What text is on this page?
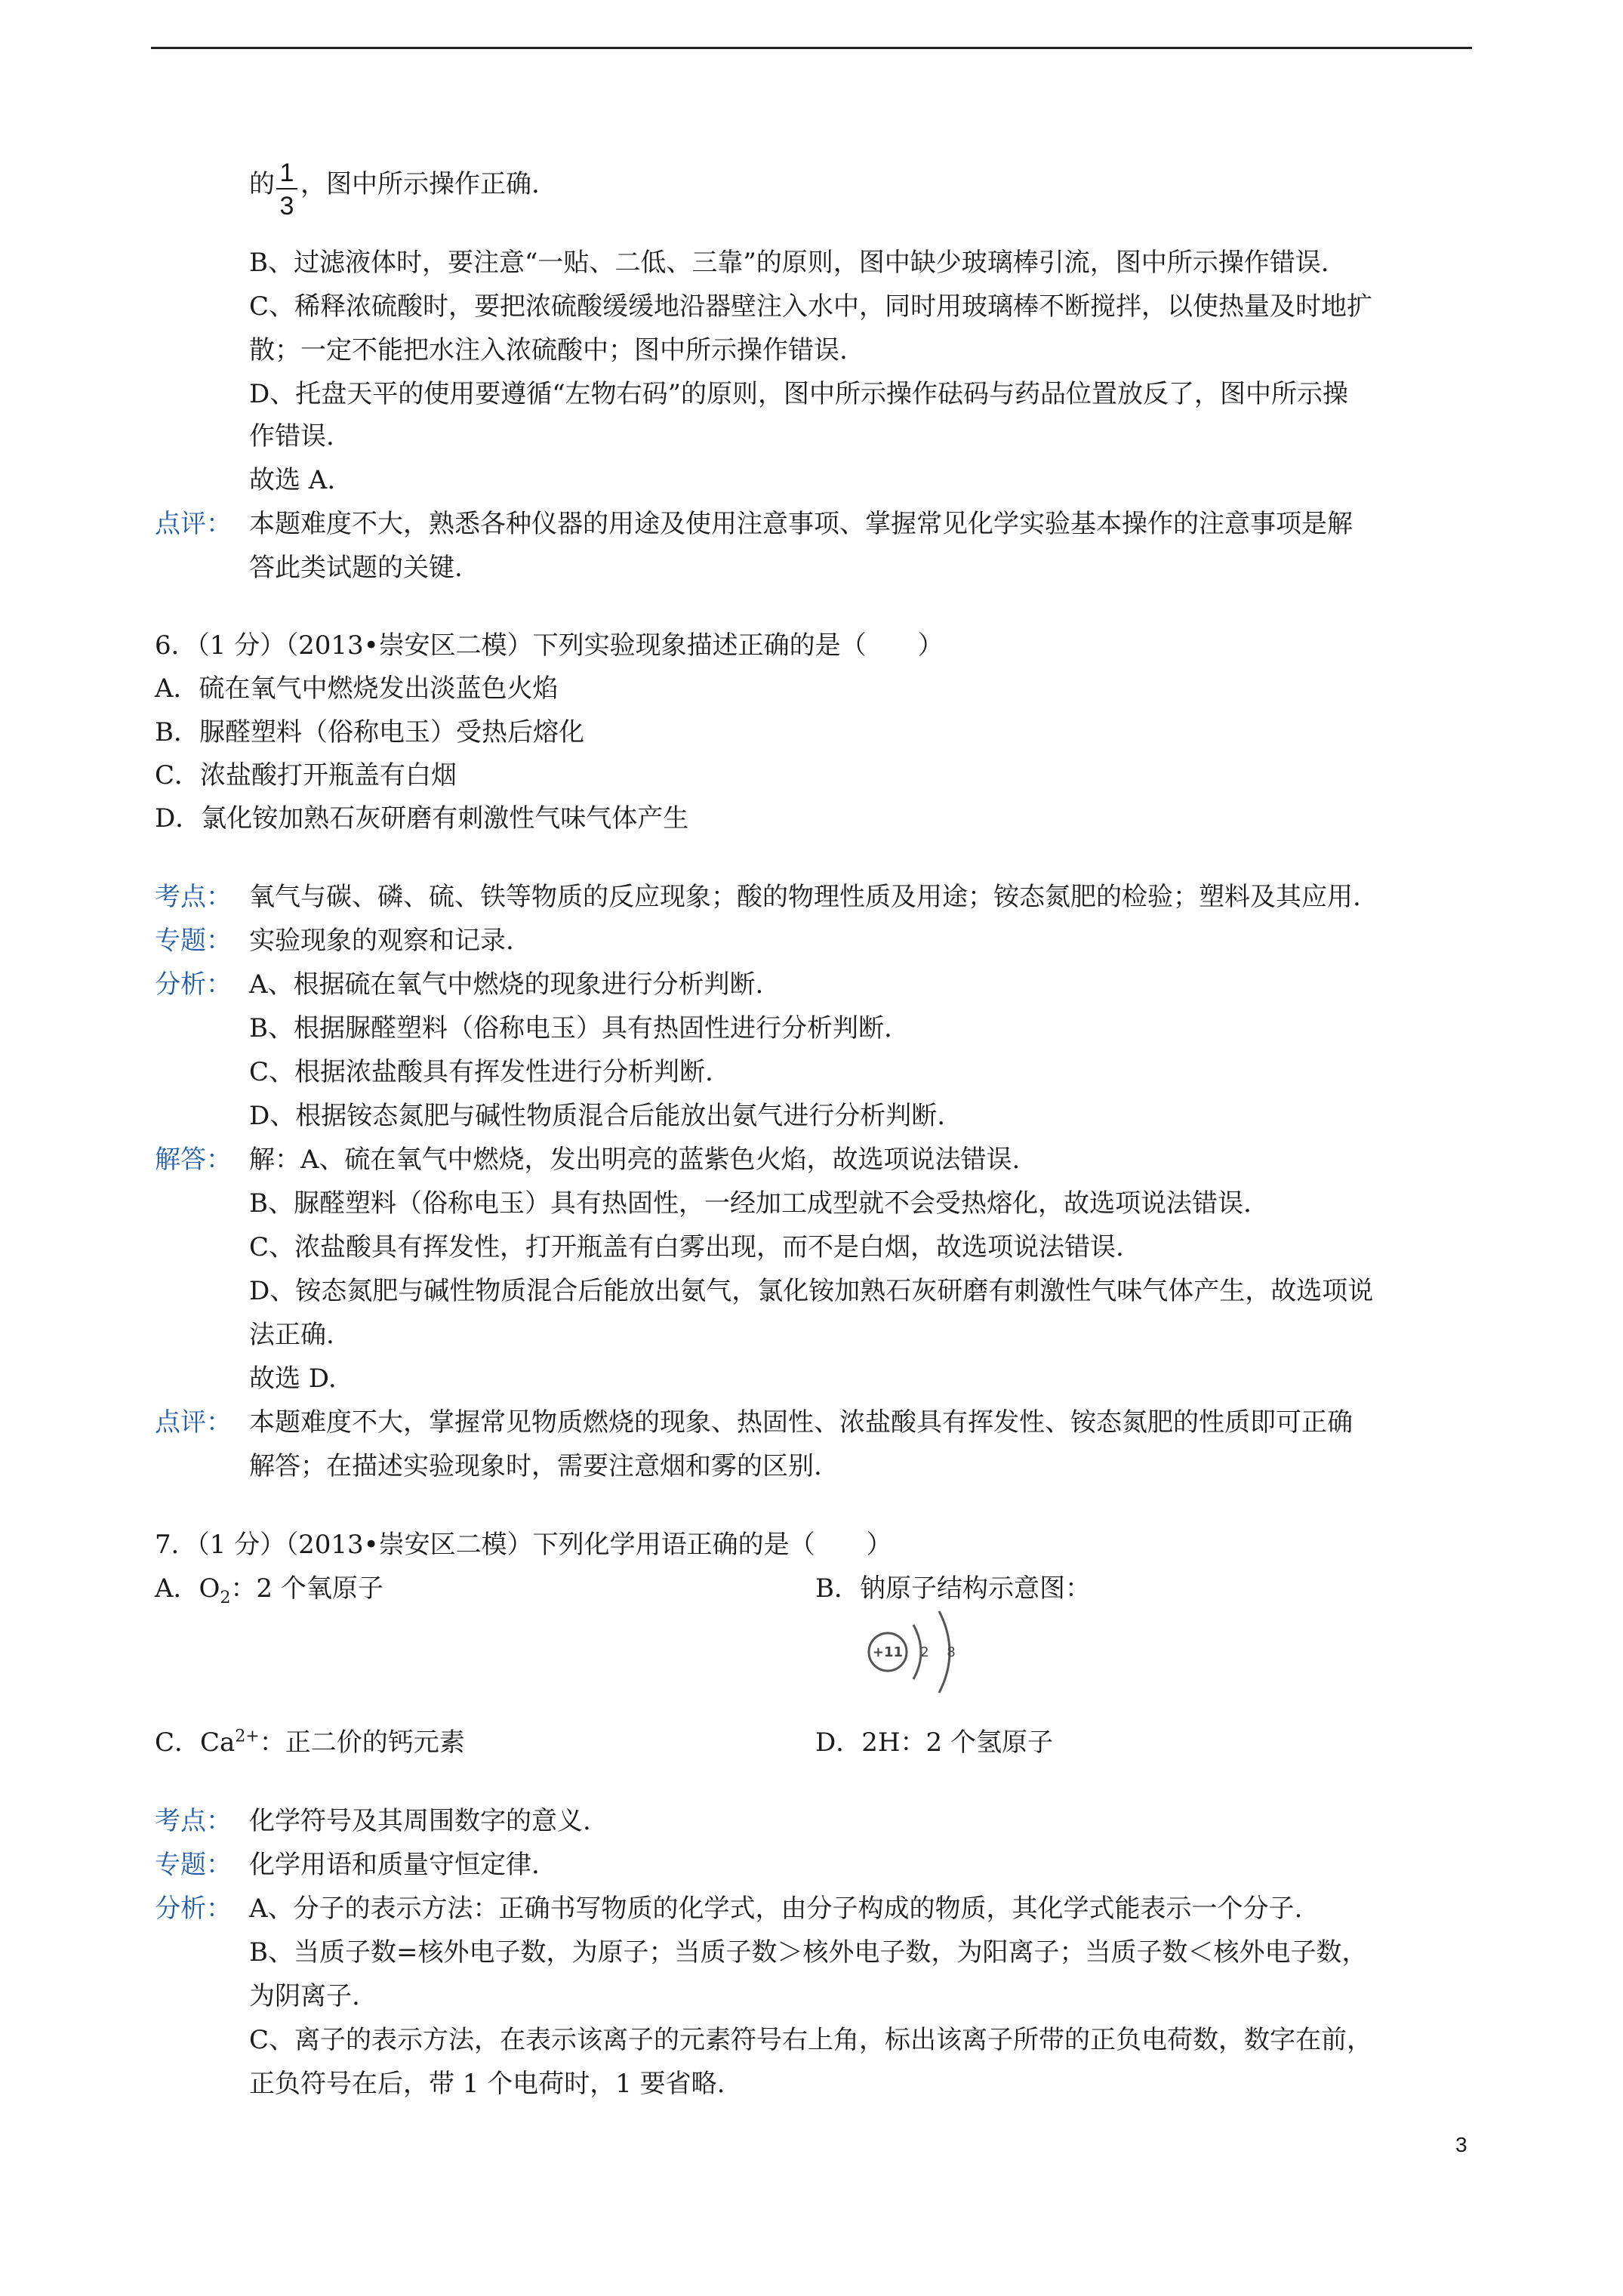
的 1
3
，图中所示操作正确.
B、过滤液体时，要注意“一贴、二低、三靠”的原则，图中缺少玻璃棒引流，图中所示操作错误.
C、稀释浓硫酸时，要把浓硫酸缓缓地沿器壁注入水中，同时用玻璃棒不断搅拌，以使热量及时地扩
散；一定不能把水注入浓硫酸中；图中所示操作错误.
D、托盘天平的使用要遵循“左物右码”的原则，图中所示操作砝码与药品位置放反了，图中所示操
作错误.
故选 A.
点评： 本题难度不大，熟悉各种仪器的用途及使用注意事项、掌握常见化学实验基本操作的注意事项是解
答此类试题的关键.
6．（1 分）（2013•崇安区二模）下列实验现象描述正确的是（　　）
A．硫在氧气中燃烧发出淡蓝色火焰
B．脲醛塑料（俗称电玉）受热后熔化
C．浓盐酸打开瓶盖有白烟
D．氯化铵加熟石灰研磨有刺激性气味气体产生
考点： 氧气与碳、磷、硫、铁等物质的反应现象；酸的物理性质及用途；铵态氮肥的检验；塑料及其应用.
专题： 实验现象的观察和记录.
分析： A、根据硫在氧气中燃烧的现象进行分析判断.
B、根据脲醛塑料（俗称电玉）具有热固性进行分析判断.
C、根据浓盐酸具有挥发性进行分析判断.
D、根据铵态氮肥与碱性物质混合后能放出氨气进行分析判断.
解答： 解：A、硫在氧气中燃烧，发出明亮的蓝紫色火焰，故选项说法错误.
B、脲醛塑料（俗称电玉）具有热固性，一经加工成型就不会受热熔化，故选项说法错误.
C、浓盐酸具有挥发性，打开瓶盖有白雾出现，而不是白烟，故选项说法错误.
D、铵态氮肥与碱性物质混合后能放出氨气，氯化铵加熟石灰研磨有刺激性气味气体产生，故选项说
法正确.
故选 D.
点评： 本题难度不大，掌握常见物质燃烧的现象、热固性、浓盐酸具有挥发性、铵态氮肥的性质即可正确
解答；在描述实验现象时，需要注意烟和雾的区别.
7．（1 分）（2013•崇安区二模）下列化学用语正确的是（　　）
A．$O_2$：2 个氧原子	B．钠原子结构示意图：
+11 2 8
C．$Ca^{2+}$：正二价的钙元素	D．2H：2 个氢原子
考点： 化学符号及其周围数字的意义.
专题： 化学用语和质量守恒定律.
分析： A、分子的表示方法：正确书写物质的化学式，由分子构成的物质，其化学式能表示一个分子.
B、当质子数=核外电子数，为原子；当质子数＞核外电子数，为阳离子；当质子数＜核外电子数，
为阴离子.
C、离子的表示方法，在表示该离子的元素符号右上角，标出该离子所带的正负电荷数，数字在前，
正负符号在后，带 1 个电荷时，1 要省略.
3
